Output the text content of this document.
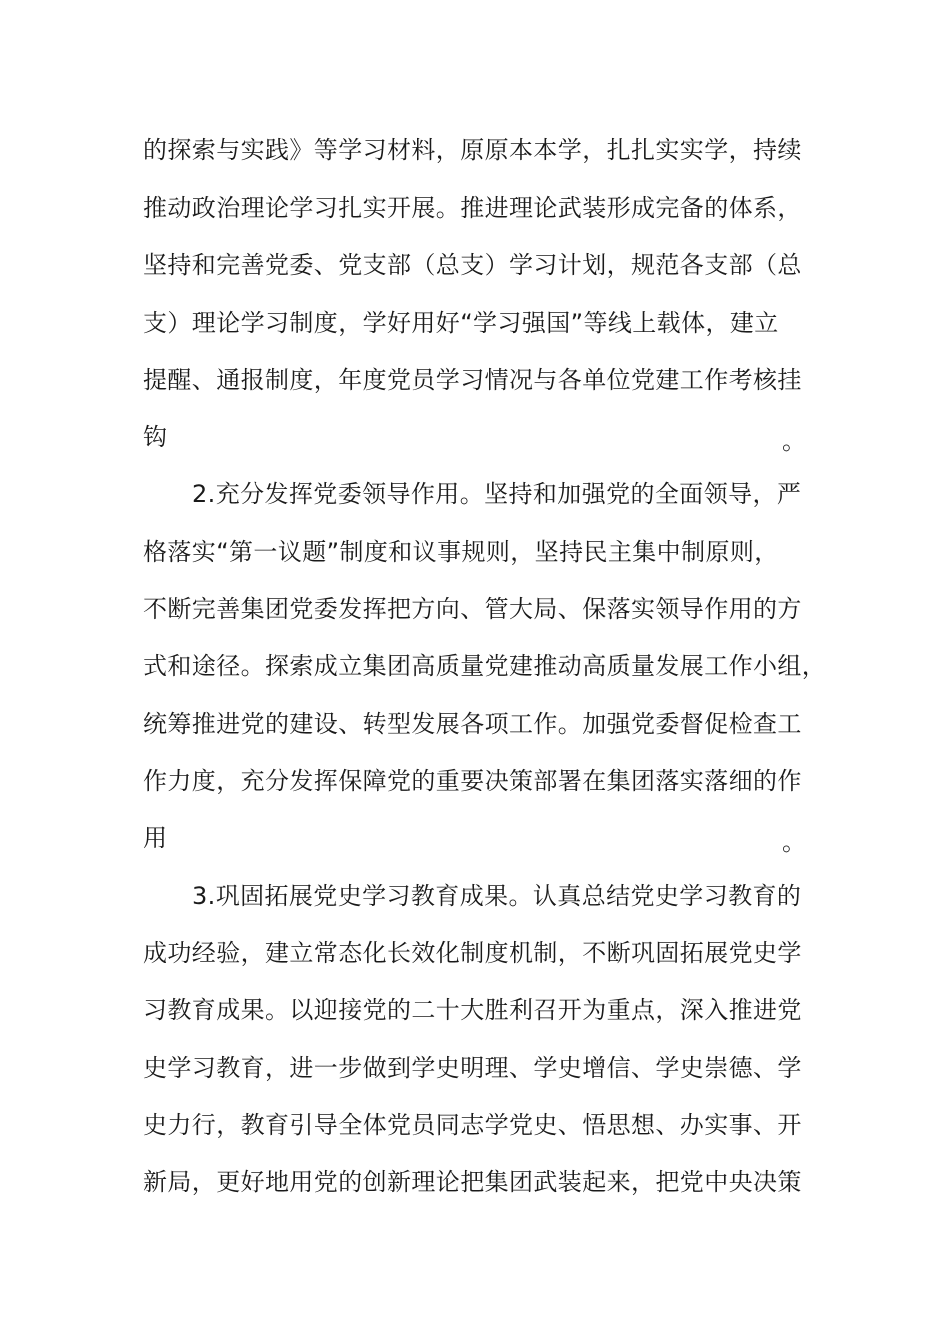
的探索与实践》等学习材料，原原本本学，扎扎实实学，持续
推动政治理论学习扎实开展。推进理论武装形成完备的体系，
坚持和完善党委、党支部（总支）学习计划，规范各支部（总
支）理论学习制度，学好用好“学习强国”等线上载体，建立
提醒、通报制度，年度党员学习情况与各单位党建工作考核挂
钩	。
2.充分发挥党委领导作用。坚持和加强党的全面领导，严
格落实“第一议题”制度和议事规则，坚持民主集中制原则，
不断完善集团党委发挥把方向、管大局、保落实领导作用的方
式和途径。探索成立集团高质量党建推动高质量发展工作小组，
统筹推进党的建设、转型发展各项工作。加强党委督促检查工
作力度，充分发挥保障党的重要决策部署在集团落实落细的作
用	。
3.巩固拓展党史学习教育成果。认真总结党史学习教育的
成功经验，建立常态化长效化制度机制，不断巩固拓展党史学
习教育成果。以迎接党的二十大胜利召开为重点，深入推进党
史学习教育，进一步做到学史明理、学史增信、学史崇德、学
史力行，教育引导全体党员同志学党史、悟思想、办实事、开
新局，更好地用党的创新理论把集团武装起来，把党中央决策
